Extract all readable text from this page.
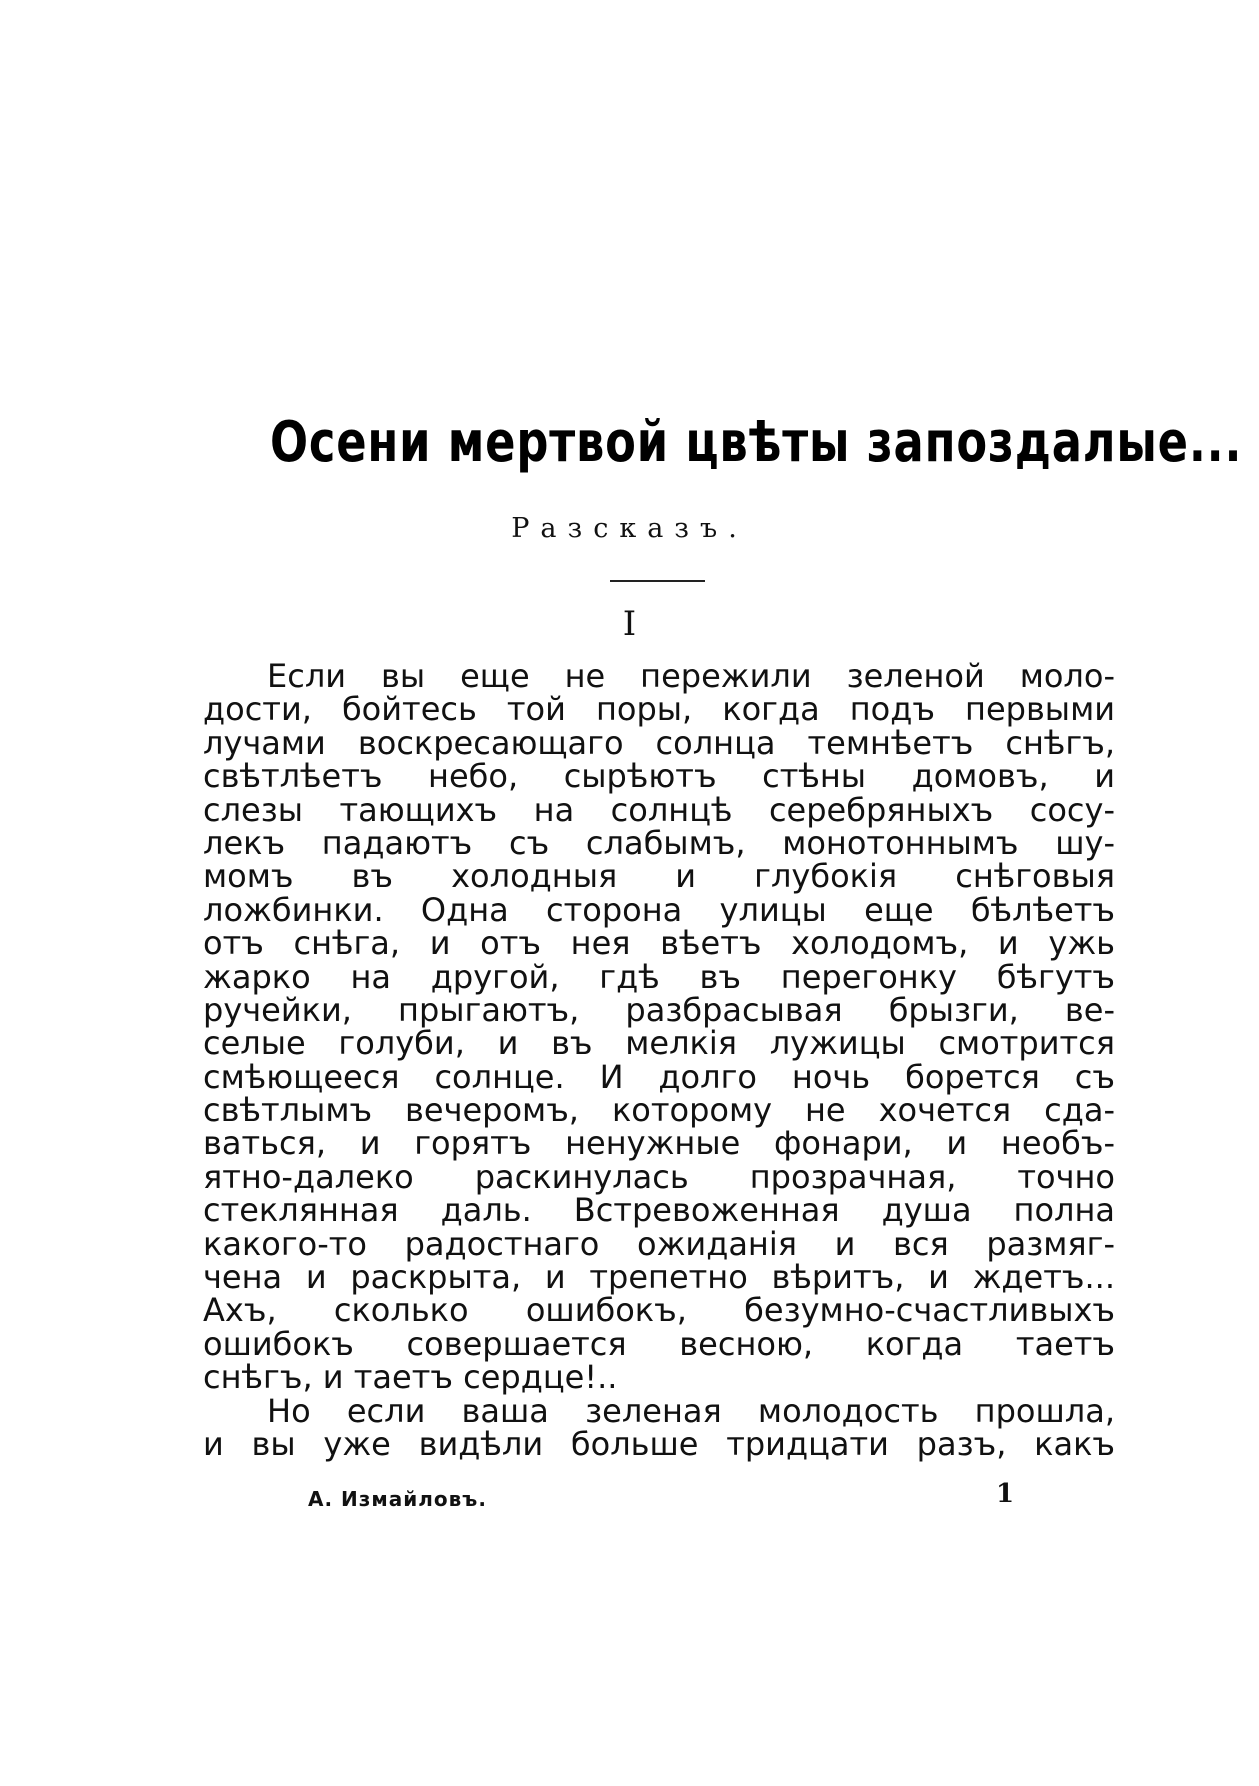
Осени мертвой цвѣты запоздалые...
Разсказъ.
I
Если вы еще не пережили зеленой моло-
дости, бойтесь той поры, когда подъ первыми
лучами воскресающаго солнца темнѣетъ снѣгъ,
свѣтлѣетъ небо, сырѣютъ стѣны домовъ, и
слезы тающихъ на солнцѣ серебряныхъ сосу-
лекъ падаютъ съ слабымъ, монотоннымъ шу-
момъ въ холодныя и глубокія снѣговыя
ложбинки. Одна сторона улицы еще бѣлѣетъ
отъ снѣга, и отъ нея вѣетъ холодомъ, и ужь
жарко на другой, гдѣ въ перегонку бѣгутъ
ручейки, прыгаютъ, разбрасывая брызги, ве-
селые голуби, и въ мелкія лужицы смотрится
смѣющееся солнце. И долго ночь борется съ
свѣтлымъ вечеромъ, которому не хочется сда-
ваться, и горятъ ненужные фонари, и необъ-
ятно-далеко раскинулась прозрачная, точно
стеклянная даль. Встревоженная душа полна
какого-то радостнаго ожиданія и вся размяг-
чена и раскрыта, и трепетно вѣритъ, и ждетъ...
Ахъ, сколько ошибокъ, безумно-счастливыхъ
ошибокъ совершается весною, когда таетъ
снѣгъ, и таетъ сердце!..
Но если ваша зеленая молодость прошла,
и вы уже видѣли больше тридцати разъ, какъ
А. Измайловъ.	1
